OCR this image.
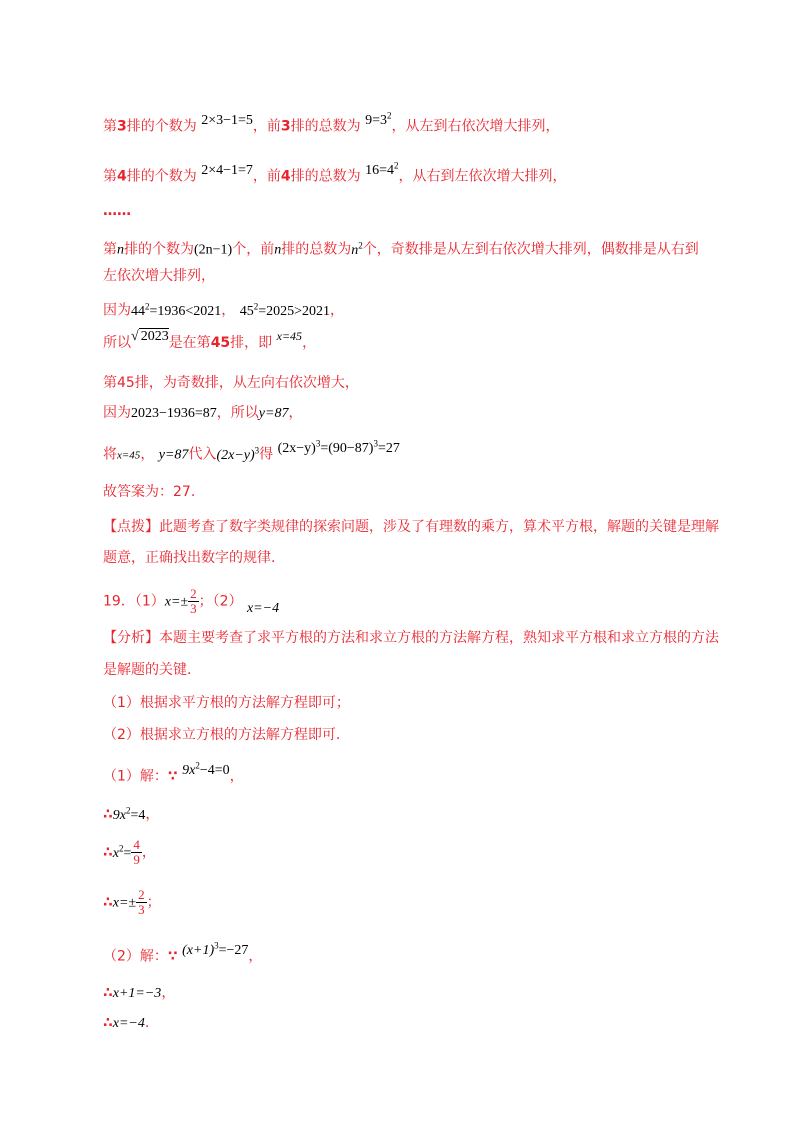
第3排的个数为 2×3−1=5，前3排的总数为 $9=3^2$，从左到右依次增大排列，
第4排的个数为 2×4−1=7，前4排的总数为 $16=4^2$，从右到左依次增大排列，
……
第n排的个数为(2n−1)个，前n排的总数为$n^2$个，奇数排是从左到右依次增大排列，偶数排是从右到
左依次增大排列，
因为$44^2=1936<2021$， $45^2=2025>2021$，
所以√ 2023是在第45排，即 x=45，
第45排，为奇数排，从左向右依次增大，
因为2023−1936=87，所以y=87，
将x=45， y=87代入$(2x-y)^3$得 $(2x-y)^3=(90-87)^3=27$
故答案为：27.
【点拨】此题考查了数字类规律的探索问题，涉及了有理数的乘方，算术平方根，解题的关键是理解
题意，正确找出数字的规律.
19．$(1)x=\pm \frac{2}{3}$ ；（2） x=−4
【分析】本题主要考查了求平方根的方法和求立方根的方法解方程，熟知求平方根和求立方根的方法
是解题的关键.
（1）根据求平方根的方法解方程即可；
（2）根据求立方根的方法解方程即可.
（1）解：∵ $9x^2-4=0$，
$\therefore 9x^2=4$，
$\therefore x^2= \frac{4}{9}$ ，
∴x=± $\frac{2}{3}$ ；
（2）解：∵ $(x+1)^3=-27$，
∴x+1=−3，
∴x=−4.
